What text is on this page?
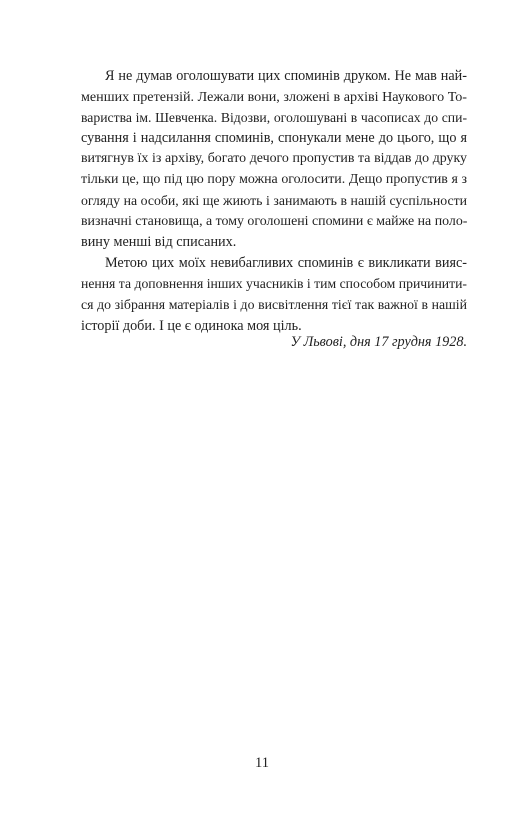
Я не думав оголошувати цих споминів друком. Не мав най-
менших претензій. Лежали вони, зложені в архіві Наукового То-
вариства ім. Шевченка. Відозви, оголошувані в часописах до спи-
сування і надсилання споминів, спонукали мене до цього, що я
витягнув їх із архіву, богато дечого пропустив та віддав до друку
тільки це, що під цю пору можна оголосити. Дещо пропустив я з
огляду на особи, які ще жиють і занимають в нашій суспільности
визначні становища, а тому оголошені спомини є майже на поло-
вину менші від списаних.

Метою цих моїх невибагливих споминів є викликати вияс-
нення та доповнення інших учасників і тим способом причинити-
ся до зібрання матеріалів і до висвітлення тієї так важної в нашій
історії доби. І це є одинока моя ціль.

У Львові, дня 17 грудня 1928.
11
